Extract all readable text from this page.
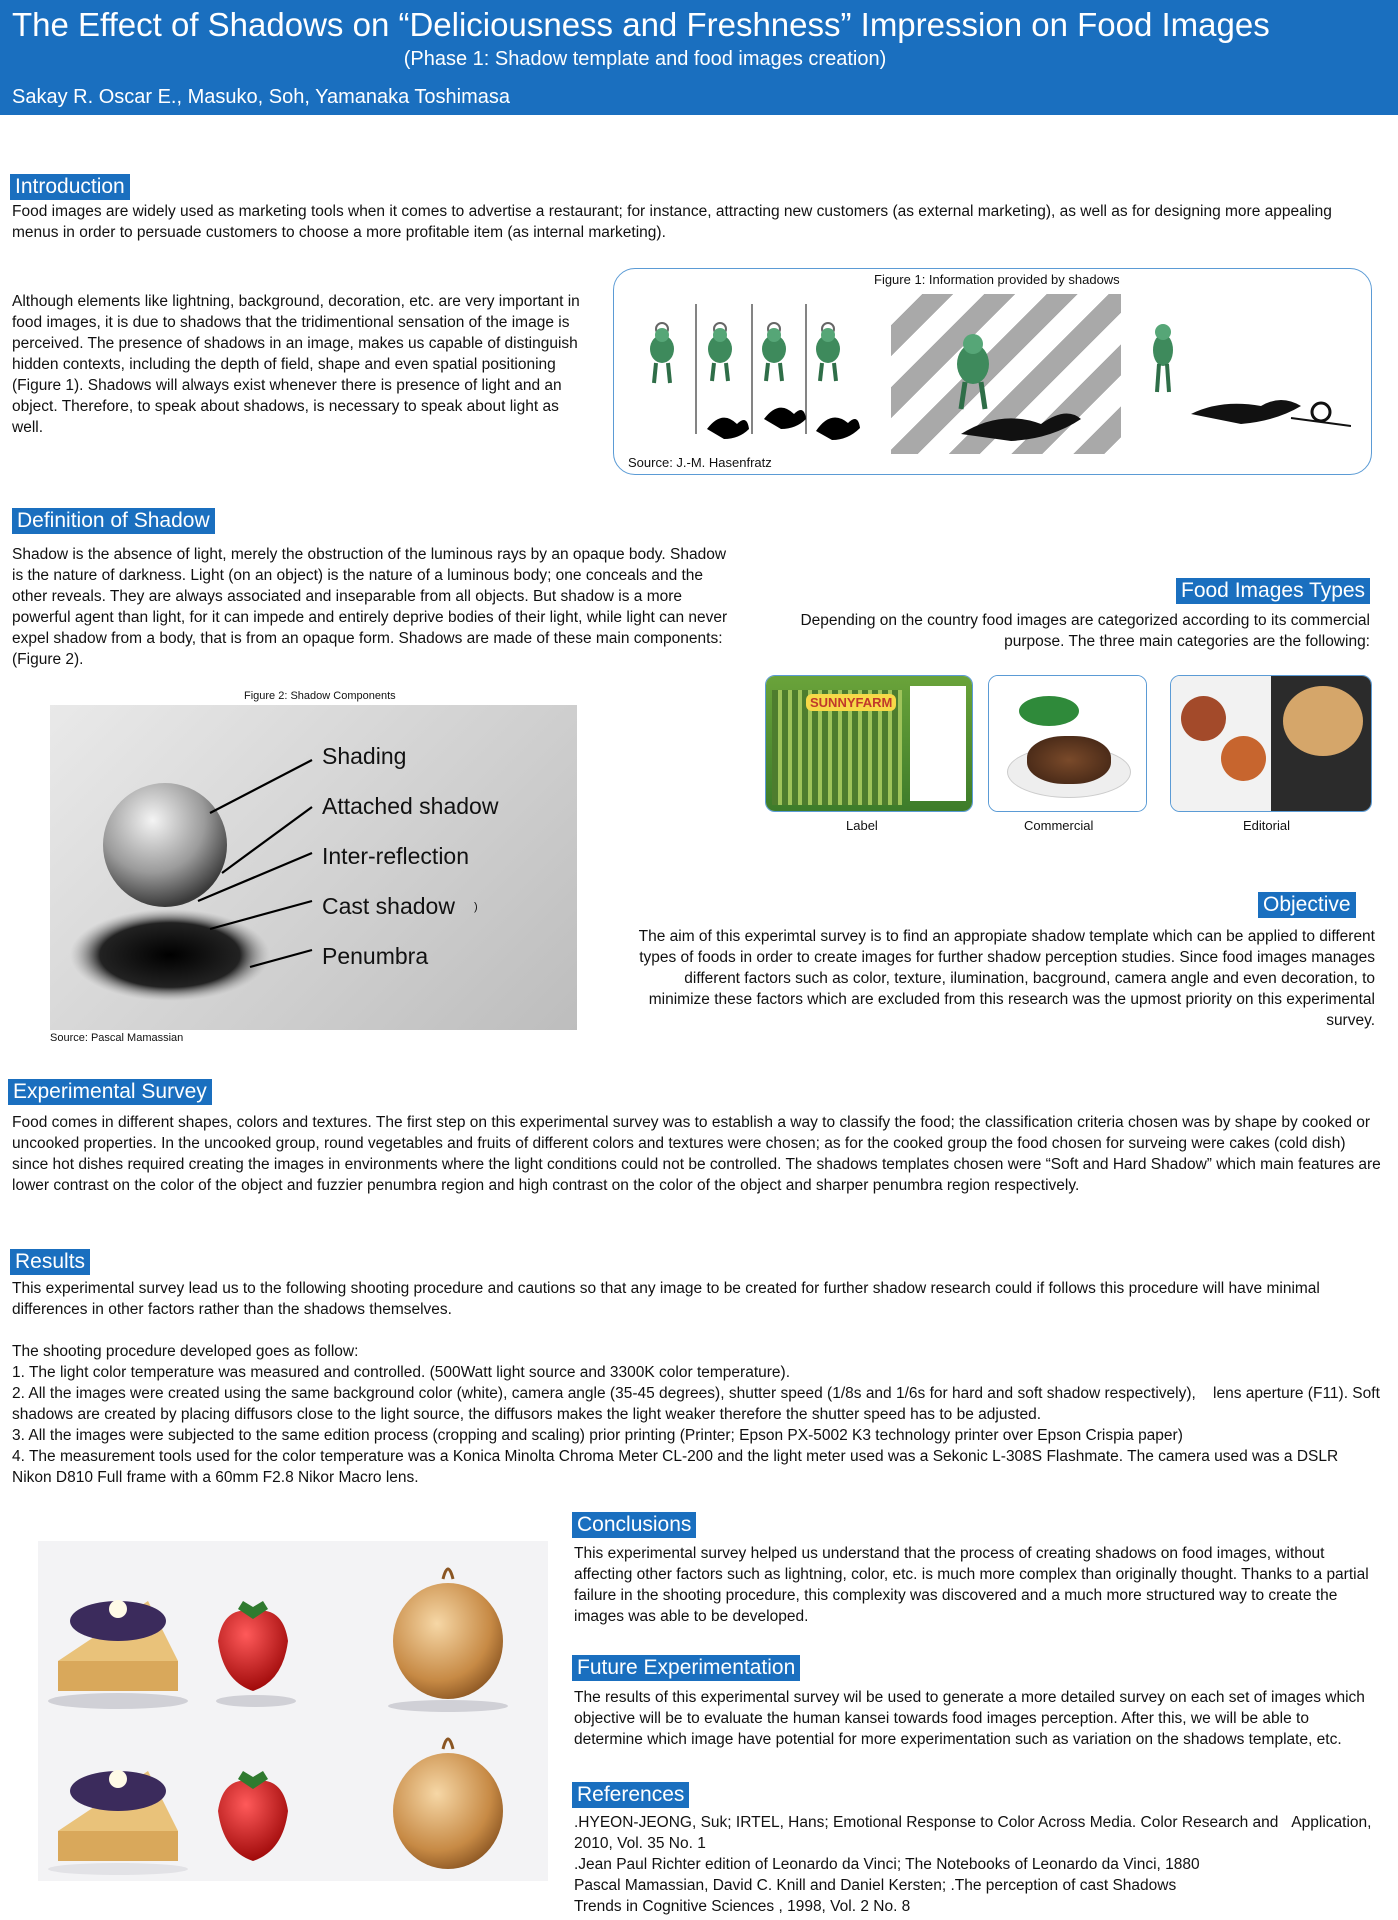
The Effect of Shadows on “Deliciousness and Freshness” Impression on Food Images
(Phase 1: Shadow template and food images creation)
Sakay R. Oscar E., Masuko, Soh, Yamanaka Toshimasa
Introduction
Food images are widely used as marketing tools when it comes to advertise a restaurant; for instance, attracting new customers (as external marketing), as well as for designing more appealing menus in order to persuade customers to choose a more profitable item (as internal marketing).
Although elements like lightning, background, decoration, etc. are very important in food images, it is due to shadows that the tridimentional sensation of the image is perceived. The presence of shadows in an image, makes us capable of distinguish hidden contexts, including the depth of field, shape and even spatial positioning (Figure 1). Shadows will always exist whenever there is presence of light and an object. Therefore, to speak about shadows, is necessary to speak about light as well.
Figure 1: Information provided by shadows
Source: J.-M. Hasenfratz
Definition of Shadow
Shadow is the absence of light, merely the obstruction of the luminous rays by an opaque body. Shadow is the nature of darkness. Light (on an object) is the nature of a luminous body; one conceals and the other reveals. They are always associated and inseparable from all objects. But shadow is a more powerful agent than light, for it can impede and entirely deprive bodies of their light, while light can never expel shadow from a body, that is from an opaque form. Shadows are made of these main components: (Figure 2).
Figure 2: Shadow Components
Shading
Attached shadow
Inter-reflection
Cast shadow )
Penumbra
Source: Pascal Mamassian
Food Images Types
Depending on the country food images are categorized according to its commercial purpose. The three main categories are the following:
SUNNYFARM
Label	Commercial	Editorial
Objective
The aim of this experimtal survey is to find an appropiate shadow template which can be applied to different types of foods in order to create images for further shadow perception studies. Since food images manages different factors such as color, texture, ilumination, bacground, camera angle and even decoration, to minimize these factors which are excluded from this research was the upmost priority on this experimental survey.
Experimental Survey
Food comes in different shapes, colors and textures. The first step on this experimental survey was to establish a way to classify the food; the classification criteria chosen was by shape by cooked or uncooked properties. In the uncooked group, round vegetables and fruits of different colors and textures were chosen; as for the cooked group the food chosen for surveing were cakes (cold dish) since hot dishes required creating the images in environments where the light conditions could not be controlled. The shadows templates chosen were “Soft and Hard Shadow” which main features are lower contrast on the color of the object and fuzzier penumbra region and high contrast on the color of the object and sharper penumbra region respectively.
Results
This experimental survey lead us to the following shooting procedure and cautions so that any image to be created for further shadow research could if follows this procedure will have minimal differences in other factors rather than the shadows themselves.
The shooting procedure developed goes as follow:
1. The light color temperature was measured and controlled. (500Watt light source and 3300K color temperature).
2. All the images were created using the same background color (white), camera angle (35-45 degrees), shutter speed (1/8s and 1/6s for hard and soft shadow respectively),    lens aperture (F11). Soft shadows are created by placing diffusors close to the light source, the diffusors makes the light weaker therefore the shutter speed has to be adjusted.
3. All the images were subjected to the same edition process (cropping and scaling) prior printing (Printer; Epson PX-5002 K3 technology printer over Epson Crispia paper)
4. The measurement tools used for the color temperature was a Konica Minolta Chroma Meter CL-200 and the light meter used was a Sekonic L-308S Flashmate. The camera used was a DSLR Nikon D810 Full frame with a 60mm F2.8 Nikor Macro lens.
Conclusions
This experimental survey helped us understand that the process of creating shadows on food images, without affecting other factors such as lightning, color, etc. is much more complex than originally thought. Thanks to a partial failure in the shooting procedure, this complexity was discovered and a much more structured way to create the images was able to be developed.
Future Experimentation
The results of this experimental survey wil be used to generate a more detailed survey on each set of images which objective will be to evaluate the human kansei towards food images perception. After this, we will be able to determine which image have potential for more experimentation such as variation on the shadows template, etc.
References
.HYEON-JEONG, Suk; IRTEL, Hans; Emotional Response to Color Across Media. Color Research and   Application, 2010, Vol. 35 No. 1
.Jean Paul Richter edition of Leonardo da Vinci; The Notebooks of Leonardo da Vinci, 1880
Pascal Mamassian, David C. Knill and Daniel Kersten; .The perception of cast Shadows
Trends in Cognitive Sciences , 1998, Vol. 2 No. 8
